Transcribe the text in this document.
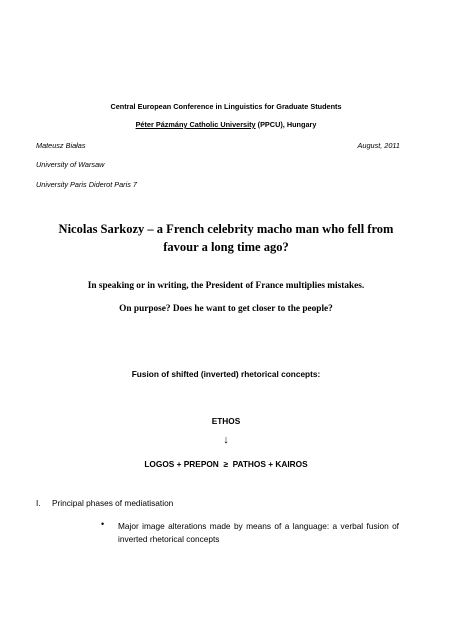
Central European Conference in Linguistics for Graduate Students
Péter Pázmány Catholic University (PPCU), Hungary
Mateusz Białas	August, 2011
University of Warsaw
University Paris Diderot Paris 7
Nicolas Sarkozy – a French celebrity macho man who fell from
favour a long time ago?
In speaking or in writing, the President of France multiplies mistakes.
On purpose? Does he want to get closer to the people?
Fusion of shifted (inverted) rhetorical concepts:
ETHOS
↓
LOGOS + PREPON  ≥  PATHOS + KAIROS
I. Principal phases of mediatisation
• Major image alterations made by means of a language: a verbal fusion of inverted rhetorical concepts
